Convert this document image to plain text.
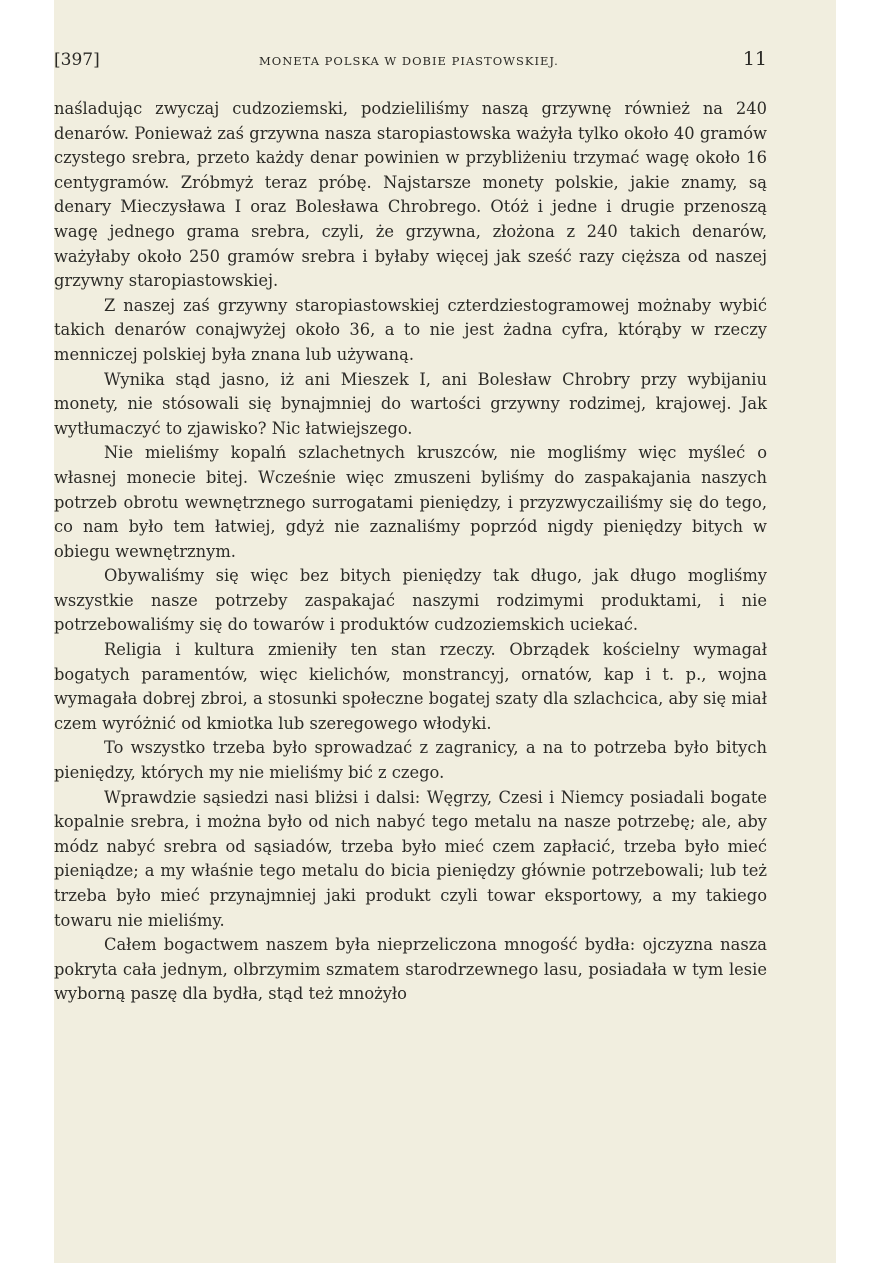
[397]	MONETA POLSKA W DOBIE PIASTOWSKIEJ.	11

naśladując zwyczaj cudzoziemski, podzieliliśmy naszą grzywnę również na 240 denarów. Ponieważ zaś grzywna nasza staropiastowska ważyła tylko około 40 gramów czystego srebra, przeto każdy denar powinien w przybliżeniu trzymać wagę około 16 centygramów. Zróbmyż teraz próbę. Najstarsze monety polskie, jakie znamy, są denary Mieczysława I oraz Bolesława Chrobrego. Otóż i jedne i drugie przenoszą wagę jednego grama srebra, czyli, że grzywna, złożona z 240 takich denarów, ważyłaby około 250 gramów srebra i byłaby więcej jak sześć razy cięższa od naszej grzywny staropiastowskiej.

Z naszej zaś grzywny staropiastowskiej czterdziestogramowej możnaby wybić takich denarów conajwyżej około 36, a to nie jest żadna cyfra, którąby w rzeczy menniczej polskiej była znana lub używaną.

Wynika stąd jasno, iż ani Mieszek I, ani Bolesław Chrobry przy wybijaniu monety, nie stósowali się bynajmniej do wartości grzywny rodzimej, krajowej. Jak wytłumaczyć to zjawisko? Nic łatwiejszego.

Nie mieliśmy kopalń szlachetnych kruszców, nie mogliśmy więc myśleć o własnej monecie bitej. Wcześnie więc zmuszeni byliśmy do zaspakajania naszych potrzeb obrotu wewnętrznego surrogatami pieniędzy, i przyzwyczailiśmy się do tego, co nam było tem łatwiej, gdyż nie zaznaliśmy poprzód nigdy pieniędzy bitych w obiegu wewnętrznym.

Obywaliśmy się więc bez bitych pieniędzy tak długo, jak długo mogliśmy wszystkie nasze potrzeby zaspakajać naszymi rodzimymi produktami, i nie potrzebowaliśmy się do towarów i produktów cudzoziemskich uciekać.

Religia i kultura zmieniły ten stan rzeczy. Obrządek kościelny wymagał bogatych paramentów, więc kielichów, monstrancyj, ornatów, kap i t. p., wojna wymagała dobrej zbroi, a stosunki społeczne bogatej szaty dla szlachcica, aby się miał czem wyróżnić od kmiotka lub szeregowego włodyki.

To wszystko trzeba było sprowadzać z zagranicy, a na to potrzeba było bitych pieniędzy, których my nie mieliśmy bić z czego.

Wprawdzie sąsiedzi nasi bliżsi i dalsi: Węgrzy, Czesi i Niemcy posiadali bogate kopalnie srebra, i można było od nich nabyć tego metalu na nasze potrzebę; ale, aby módz nabyć srebra od sąsiadów, trzeba było mieć czem zapłacić, trzeba było mieć pieniądze; a my właśnie tego metalu do bicia pieniędzy głównie potrzebowali; lub też trzeba było mieć przynajmniej jaki produkt czyli towar eksportowy, a my takiego towaru nie mieliśmy.

Całem bogactwem naszem była nieprzeliczona mnogość bydła: ojczyzna nasza pokryta cała jednym, olbrzymim szmatem starodrzewnego lasu, posiadała w tym lesie wyborną paszę dla bydła, stąd też mnożyło
